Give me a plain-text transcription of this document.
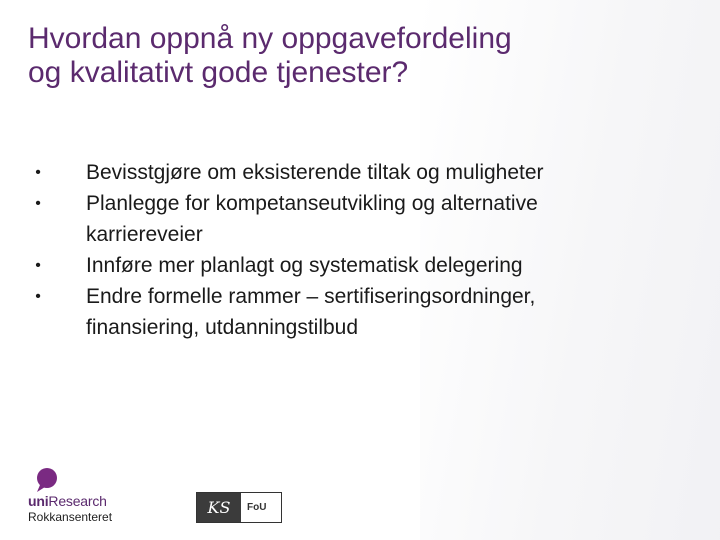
Hvordan oppnå ny oppgavefordeling
og kvalitativt gode tjenester?
•	Bevisstgjøre om eksisterende tiltak og muligheter
•	Planlegge for kompetanseutvikling og alternative karriereveier
•	Innføre mer planlagt og systematisk delegering
•	Endre formelle rammer – sertifiseringsordninger, finansiering, utdanningstilbud
uniResearch
Rokkansenteret	KS	FoU
